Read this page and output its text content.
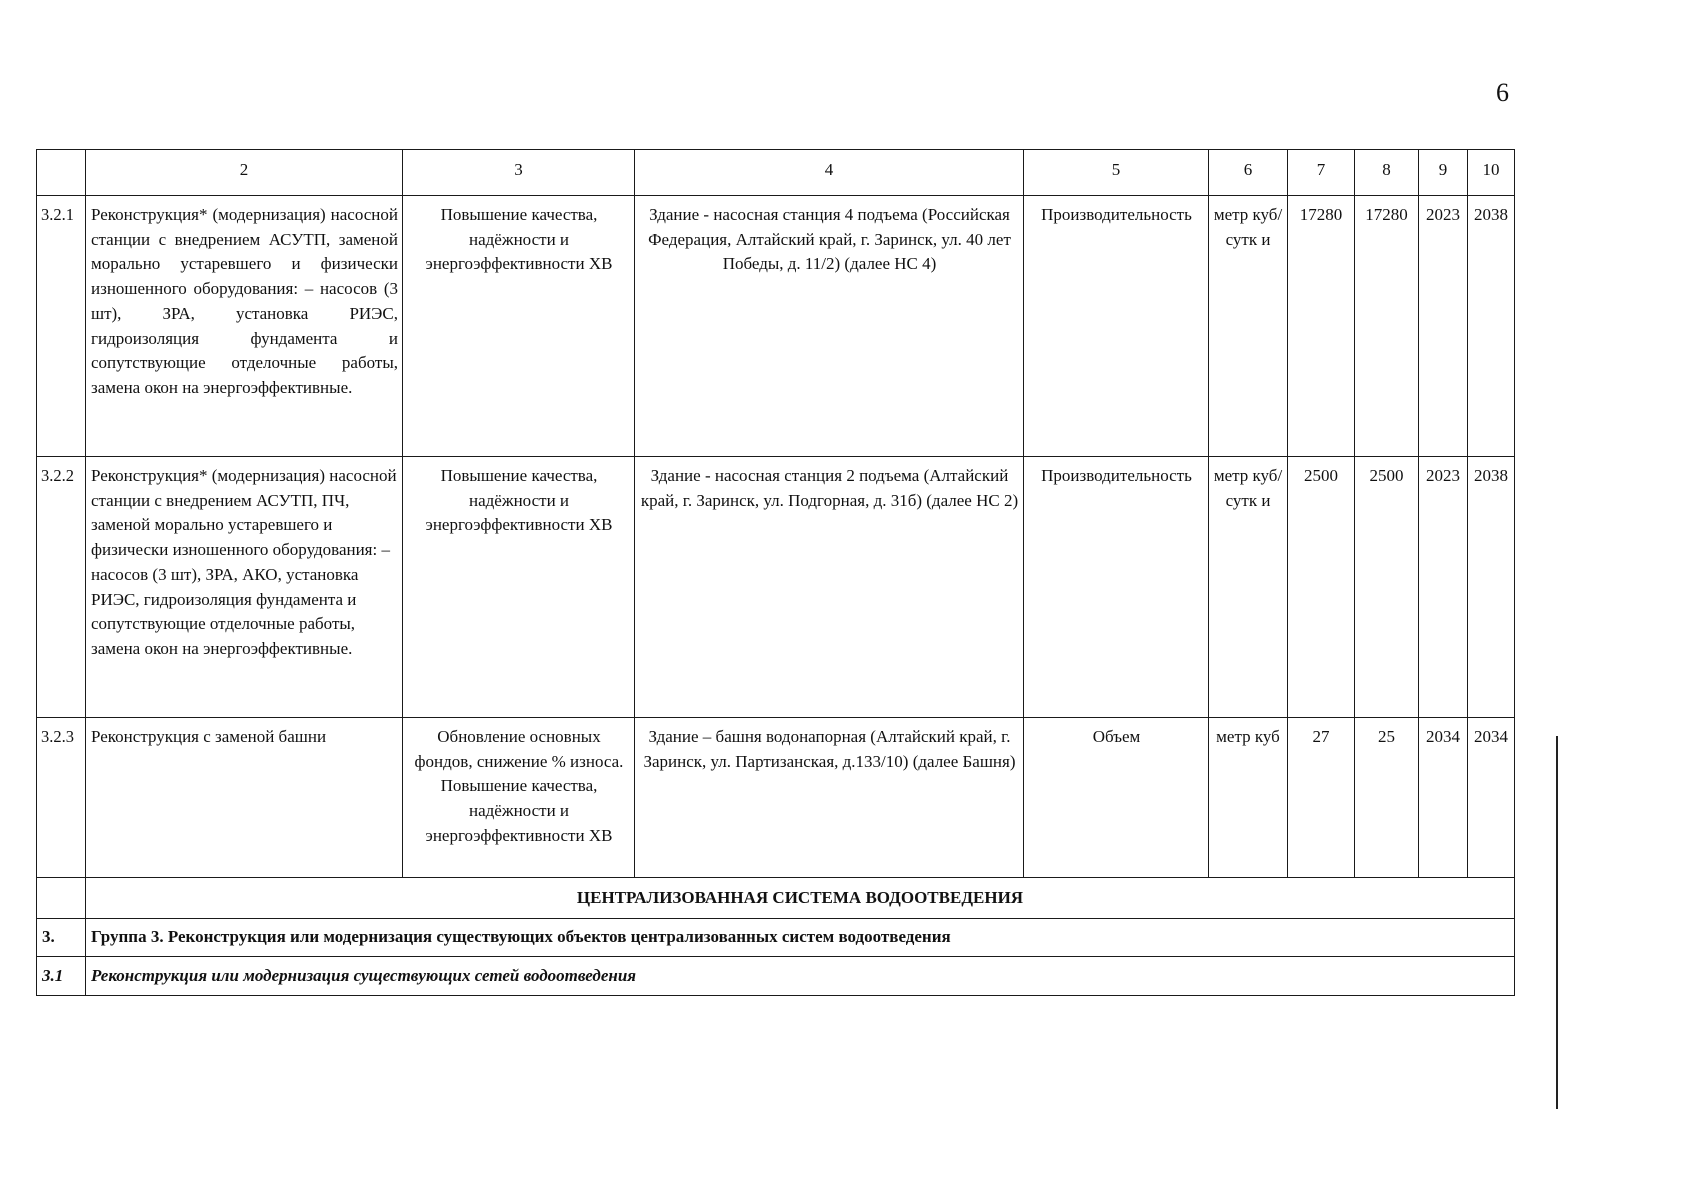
6
	2	3	4	5	6	7	8	9	10
3.2.1	Реконструкция* (модернизация) насосной станции с внедрением АСУТП, заменой морально устаревшего и физически изношенного оборудования: – насосов (3 шт), ЗРА, установка РИЭС, гидроизоляция фундамента и сопутствующие отделочные работы, замена окон на энергоэффективные.	Повышение качества, надёжности и энергоэффективности ХВ	Здание - насосная станция 4 подъема (Российская Федерация, Алтайский край, г. Заринск, ул. 40 лет Победы, д. 11/2) (далее НС 4)	Производительность	метр куб/сутк и	17280	17280	2023	2038
3.2.2	Реконструкция* (модернизация) насосной станции с внедрением АСУТП, ПЧ, заменой морально устаревшего и физически изношенного оборудования: – насосов (3 шт), ЗРА, АКО, установка РИЭС, гидроизоляция фундамента и сопутствующие отделочные работы, замена окон на энергоэффективные.	Повышение качества, надёжности и энергоэффективности ХВ	Здание - насосная станция 2 подъема (Алтайский край, г. Заринск, ул. Подгорная, д. 31б) (далее НС 2)	Производительность	метр куб/сутк и	2500	2500	2023	2038
3.2.3	Реконструкция с заменой башни	Обновление основных фондов, снижение % износа. Повышение качества, надёжности и энергоэффективности ХВ	Здание – башня водонапорная (Алтайский край, г. Заринск, ул. Партизанская, д.133/10) (далее Башня)	Объем	метр куб	27	25	2034	2034
	ЦЕНТРАЛИЗОВАННАЯ СИСТЕМА ВОДООТВЕДЕНИЯ								
3.	Группа 3. Реконструкция или модернизация существующих объектов централизованных систем водоотведения								
3.1	Реконструкция или модернизация существующих сетей водоотведения								
